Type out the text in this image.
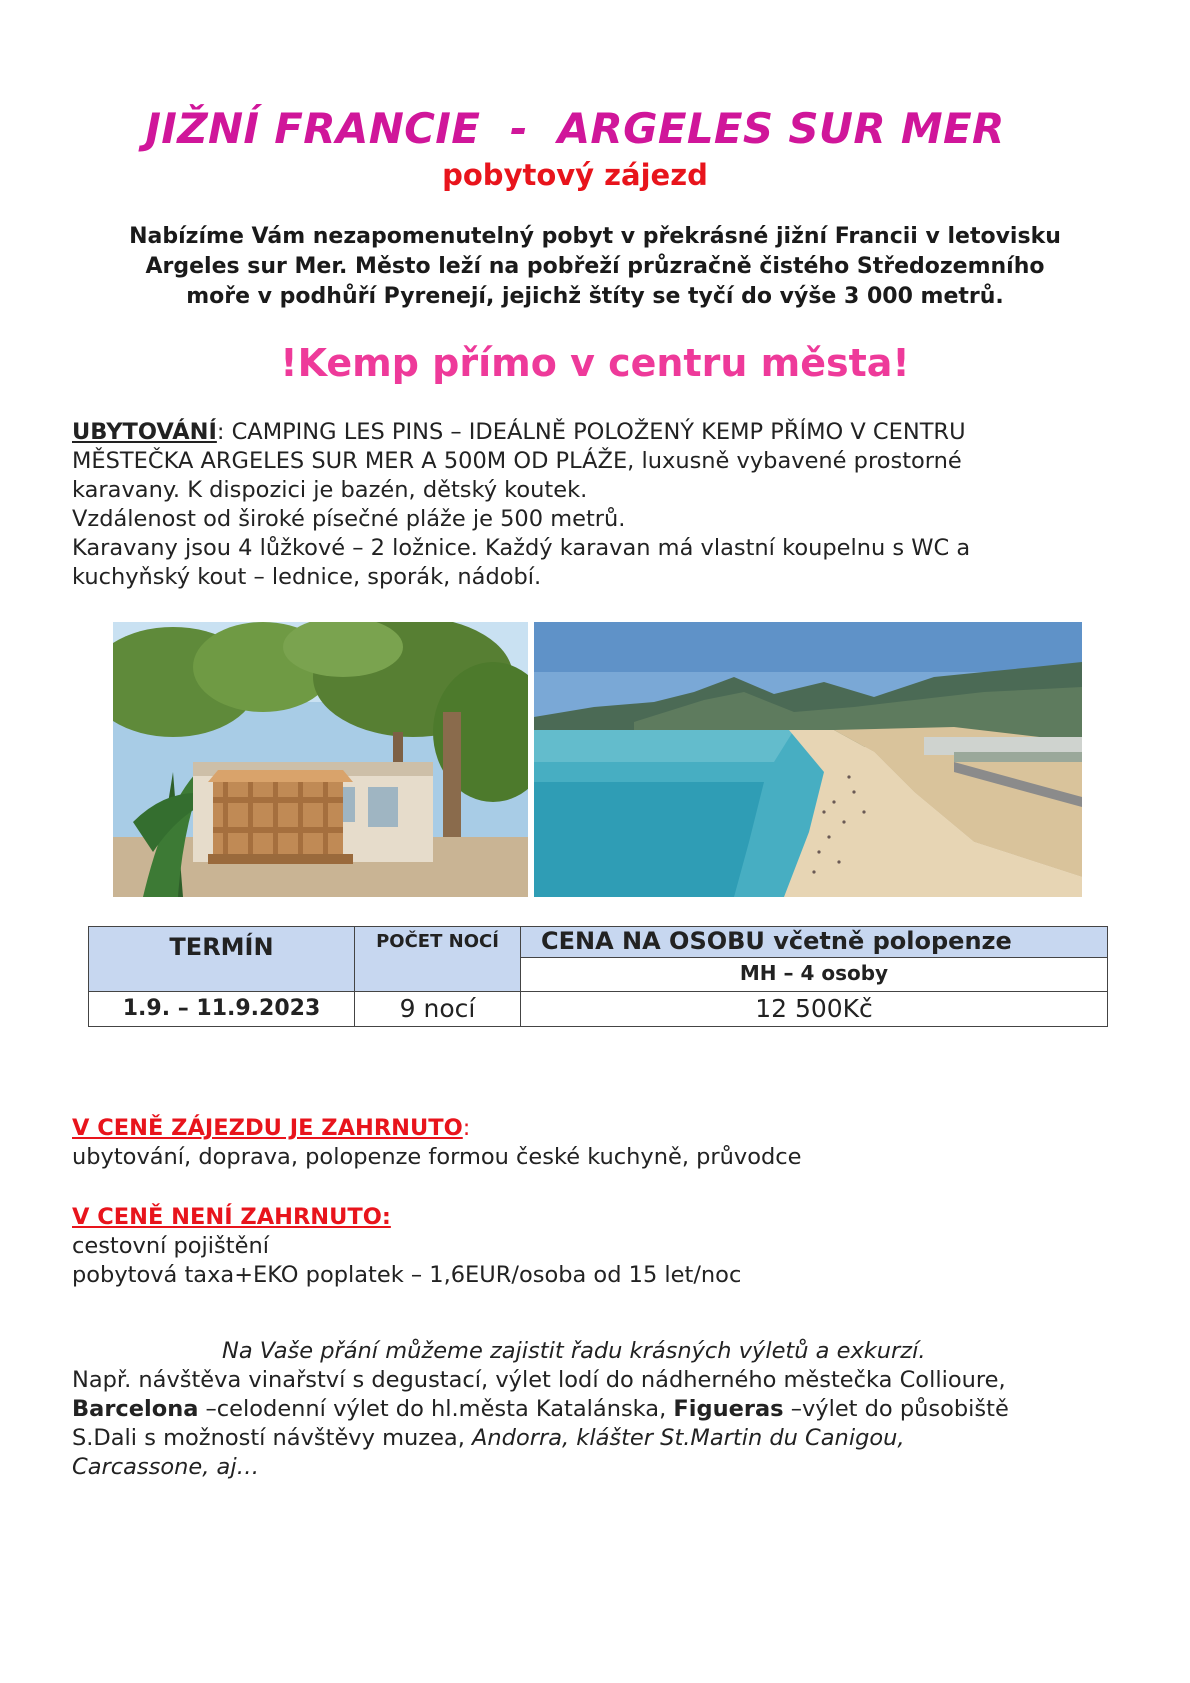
JIŽNÍ FRANCIE  -  ARGELES SUR MER
pobytový zájezd
Nabízíme Vám nezapomenutelný pobyt v překrásné jižní Francii v letovisku
Argeles sur Mer. Město leží na pobřeží průzračně čistého Středozemního
moře v podhůří Pyrenejí, jejichž štíty se tyčí do výše 3 000 metrů.
!Kemp přímo v centru města!
UBYTOVÁNÍ: CAMPING LES PINS – IDEÁLNĚ POLOŽENÝ KEMP PŘÍMO V CENTRU
MĚSTEČKA ARGELES SUR MER A 500M OD PLÁŽE, luxusně vybavené prostorné
karavany. K dispozici je bazén, dětský koutek.
Vzdálenost od široké písečné pláže je 500 metrů.
Karavany jsou 4 lůžkové – 2 ložnice. Každý karavan má vlastní koupelnu s WC a
kuchyňský kout – lednice, sporák, nádobí.
TERMÍN	POČET NOCÍ	CENA NA OSOBU včetně polopenze
		MH – 4 osoby
1.9. – 11.9.2023	9 nocí	12 500Kč
V CENĚ ZÁJEZDU JE ZAHRNUTO:
ubytování, doprava, polopenze formou české kuchyně, průvodce
V CENĚ NENÍ ZAHRNUTO:
cestovní pojištění
pobytová taxa+EKO poplatek – 1,6EUR/osoba od 15 let/noc
Na Vaše přání můžeme zajistit řadu krásných výletů a exkurzí.
Např. návštěva vinařství s degustací, výlet lodí do nádherného městečka Collioure,
Barcelona –celodenní výlet do hl.města Katalánska, Figueras –výlet do působiště
S.Dali s možností návštěvy muzea, Andorra, klášter St.Martin du Canigou,
Carcassone, aj…
